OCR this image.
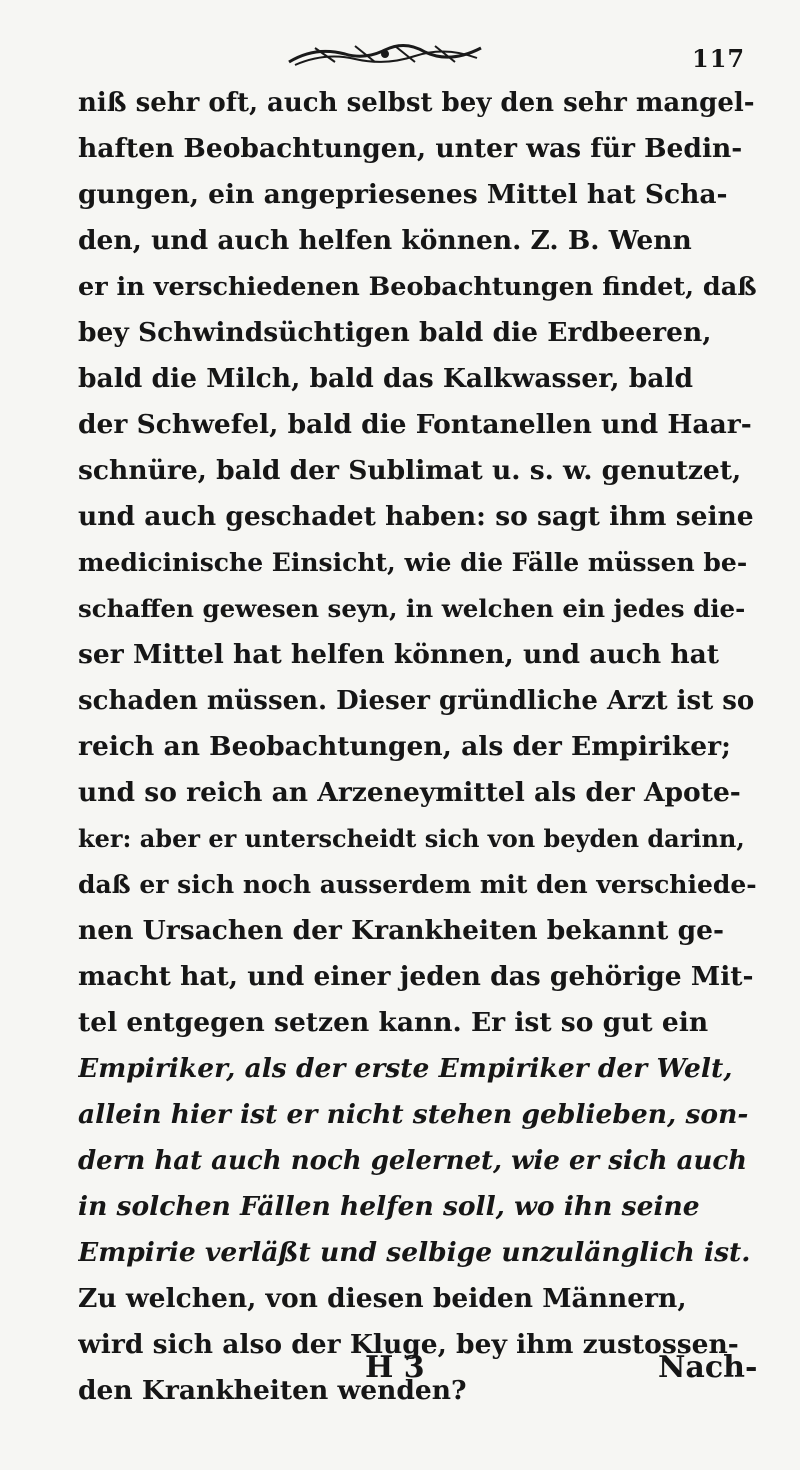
117
niß sehr oft, auch selbst bey den sehr mangel-
haften Beobachtungen, unter was für Bedin-
gungen, ein angepriesenes Mittel hat Scha-
den, und auch helfen können. Z. B. Wenn
er in verschiedenen Beobachtungen findet, daß
bey Schwindsüchtigen bald die Erdbeeren,
bald die Milch, bald das Kalkwasser, bald
der Schwefel, bald die Fontanellen und Haar-
schnüre, bald der Sublimat u. s. w. genutzet,
und auch geschadet haben: so sagt ihm seine
medicinische Einsicht, wie die Fälle müssen be-
schaffen gewesen seyn, in welchen ein jedes die-
ser Mittel hat helfen können, und auch hat
schaden müssen. Dieser gründliche Arzt ist so
reich an Beobachtungen, als der Empiriker;
und so reich an Arzeneymittel als der Apote-
ker: aber er unterscheidt sich von beyden darinn,
daß er sich noch ausserdem mit den verschiede-
nen Ursachen der Krankheiten bekannt ge-
macht hat, und einer jeden das gehörige Mit-
tel entgegen setzen kann. Er ist so gut ein
Empiriker, als der erste Empiriker der Welt,
allein hier ist er nicht stehen geblieben, son-
dern hat auch noch gelernet, wie er sich auch
in solchen Fällen helfen soll, wo ihn seine
Empirie verläßt und selbige unzulänglich ist.
Zu welchen, von diesen beiden Männern,
wird sich also der Kluge, bey ihm zustossen-
den Krankheiten wenden?
H 3	Nach-
